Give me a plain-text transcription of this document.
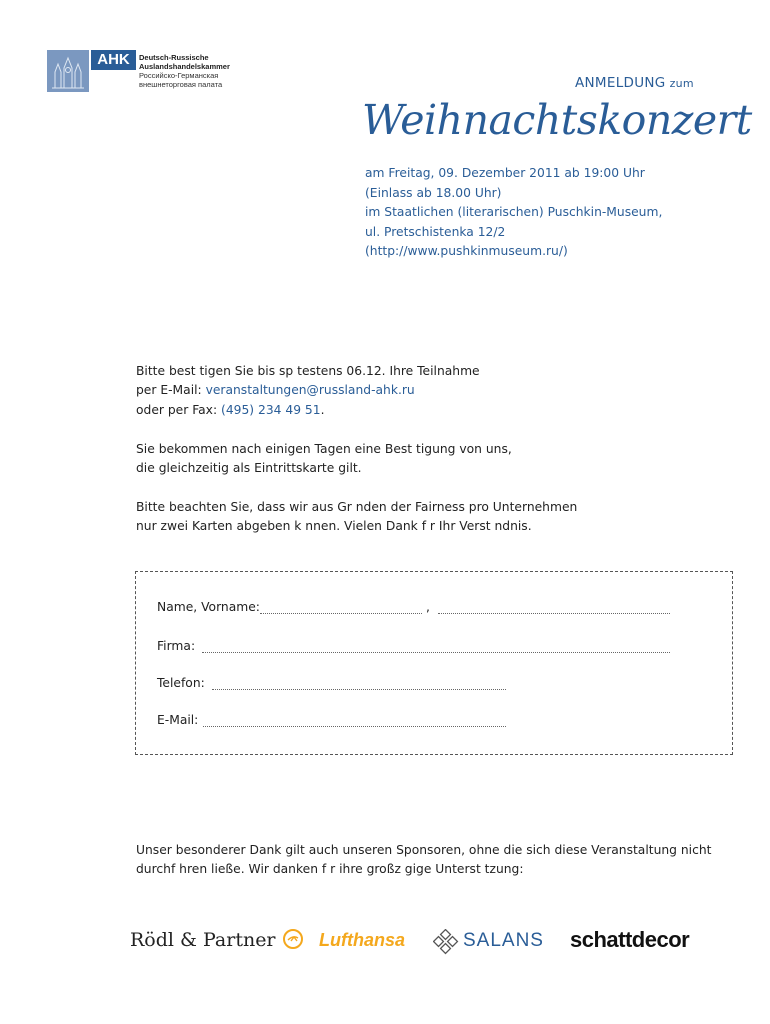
AHK	Deutsch-Russische
Auslandshandelskammer
Российско-Германская
внешнеторговая палата	ANMELDUNG zum
Weihnachtskonzert
am Freitag, 09. Dezember 2011 ab 19:00 Uhr
(Einlass ab 18.00 Uhr)
im Staatlichen (literarischen) Puschkin-Museum,
ul. Pretschistenka 12/2
(http://www.pushkinmuseum.ru/)
Bitte best tigen Sie bis sp testens 06.12. Ihre Teilnahme
per E-Mail: veranstaltungen@russland-ahk.ru
oder per Fax: (495) 234 49 51.
Sie bekommen nach einigen Tagen eine Best tigung von uns,
die gleichzeitig als Eintrittskarte gilt.
Bitte beachten Sie, dass wir aus Gr nden der Fairness pro Unternehmen
nur zwei Karten abgeben k nnen. Vielen Dank f r Ihr Verst ndnis.
Name, Vorname:	,
Firma:
Telefon:
E-Mail:
Unser besonderer Dank gilt auch unseren Sponsoren, ohne die sich diese Veranstaltung nicht
durchf hren ließe. Wir danken f r ihre großz gige Unterst tzung:
Rödl & Partner Lufthansa	SALANS schattdecor
